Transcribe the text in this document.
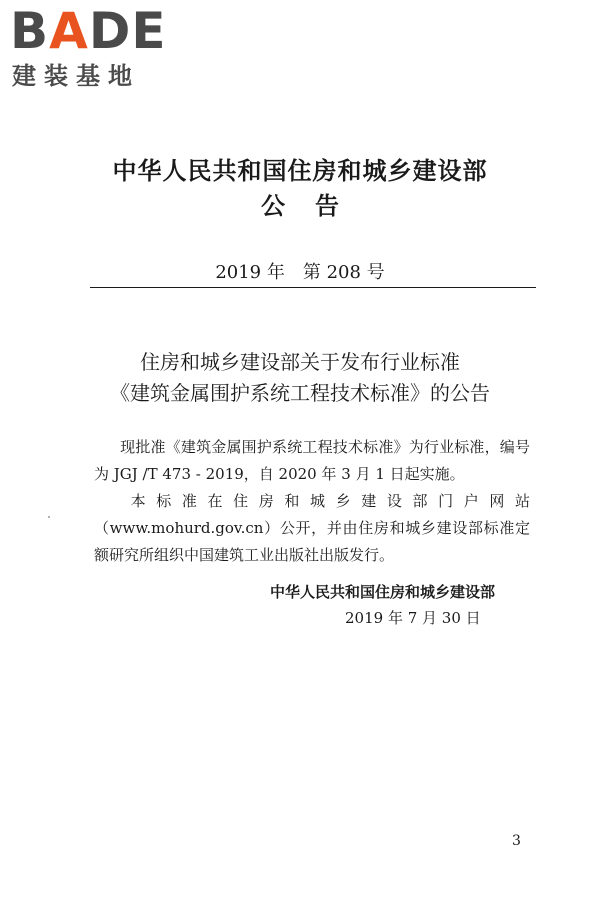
BADE
建装基地
中华人民共和国住房和城乡建设部
公告
2019 年　第 208 号
住房和城乡建设部关于发布行业标准
《建筑金属围护系统工程技术标准》的公告
现批准《建筑金属围护系统工程技术标准》为行业标准，编号为 JGJ /T 473 - 2019，自 2020 年 3 月 1 日起实施。
本标准在住房和城乡建设部门户网站（www.mohurd.gov.cn）公开，并由住房和城乡建设部标准定额研究所组织中国建筑工业出版社出版发行。
中华人民共和国住房和城乡建设部
2019 年 7 月 30 日
3
